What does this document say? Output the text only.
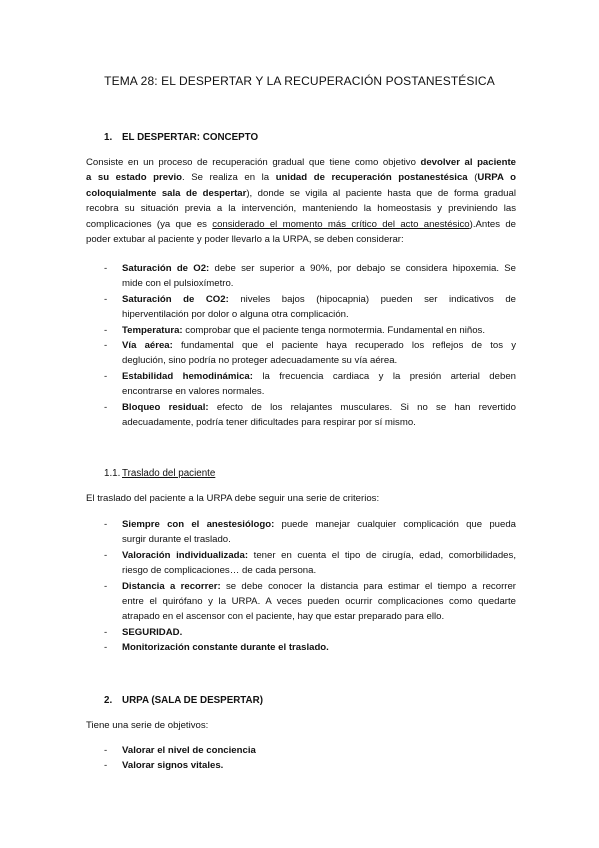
TEMA 28: EL DESPERTAR Y LA RECUPERACIÓN POSTANESTÉSICA
1. EL DESPERTAR: CONCEPTO
Consiste en un proceso de recuperación gradual que tiene como objetivo devolver al paciente
a su estado previo. Se realiza en la unidad de recuperación postanestésica (URPA o
coloquialmente sala de despertar), donde se vigila al paciente hasta que de forma gradual
recobra su situación previa a la intervención, manteniendo la homeostasis y previniendo las
complicaciones (ya que es considerado el momento más crítico del acto anestésico).Antes de
poder extubar al paciente y poder llevarlo a la URPA, se deben considerar:
- Saturación de O2: debe ser superior a 90%, por debajo se considera hipoxemia. Se
mide con el pulsioxímetro.
- Saturación de CO2: niveles bajos (hipocapnia) pueden ser indicativos de
hiperventilación por dolor o alguna otra complicación.
- Temperatura: comprobar que el paciente tenga normotermia. Fundamental en niños.
- Vía aérea: fundamental que el paciente haya recuperado los reflejos de tos y
deglución, sino podría no proteger adecuadamente su vía aérea.
- Estabilidad hemodinámica: la frecuencia cardiaca y la presión arterial deben
encontrarse en valores normales.
- Bloqueo residual: efecto de los relajantes musculares. Si no se han revertido
adecuadamente, podría tener dificultades para respirar por sí mismo.
1.1. Traslado del paciente
El traslado del paciente a la URPA debe seguir una serie de criterios:
- Siempre con el anestesiólogo: puede manejar cualquier complicación que pueda
surgir durante el traslado.
- Valoración individualizada: tener en cuenta el tipo de cirugía, edad, comorbilidades,
riesgo de complicaciones… de cada persona.
- Distancia a recorrer: se debe conocer la distancia para estimar el tiempo a recorrer
entre el quirófano y la URPA. A veces pueden ocurrir complicaciones como quedarte
atrapado en el ascensor con el paciente, hay que estar preparado para ello.
- SEGURIDAD.
- Monitorización constante durante el traslado.
2. URPA (SALA DE DESPERTAR)
Tiene una serie de objetivos:
- Valorar el nivel de conciencia
- Valorar signos vitales.
